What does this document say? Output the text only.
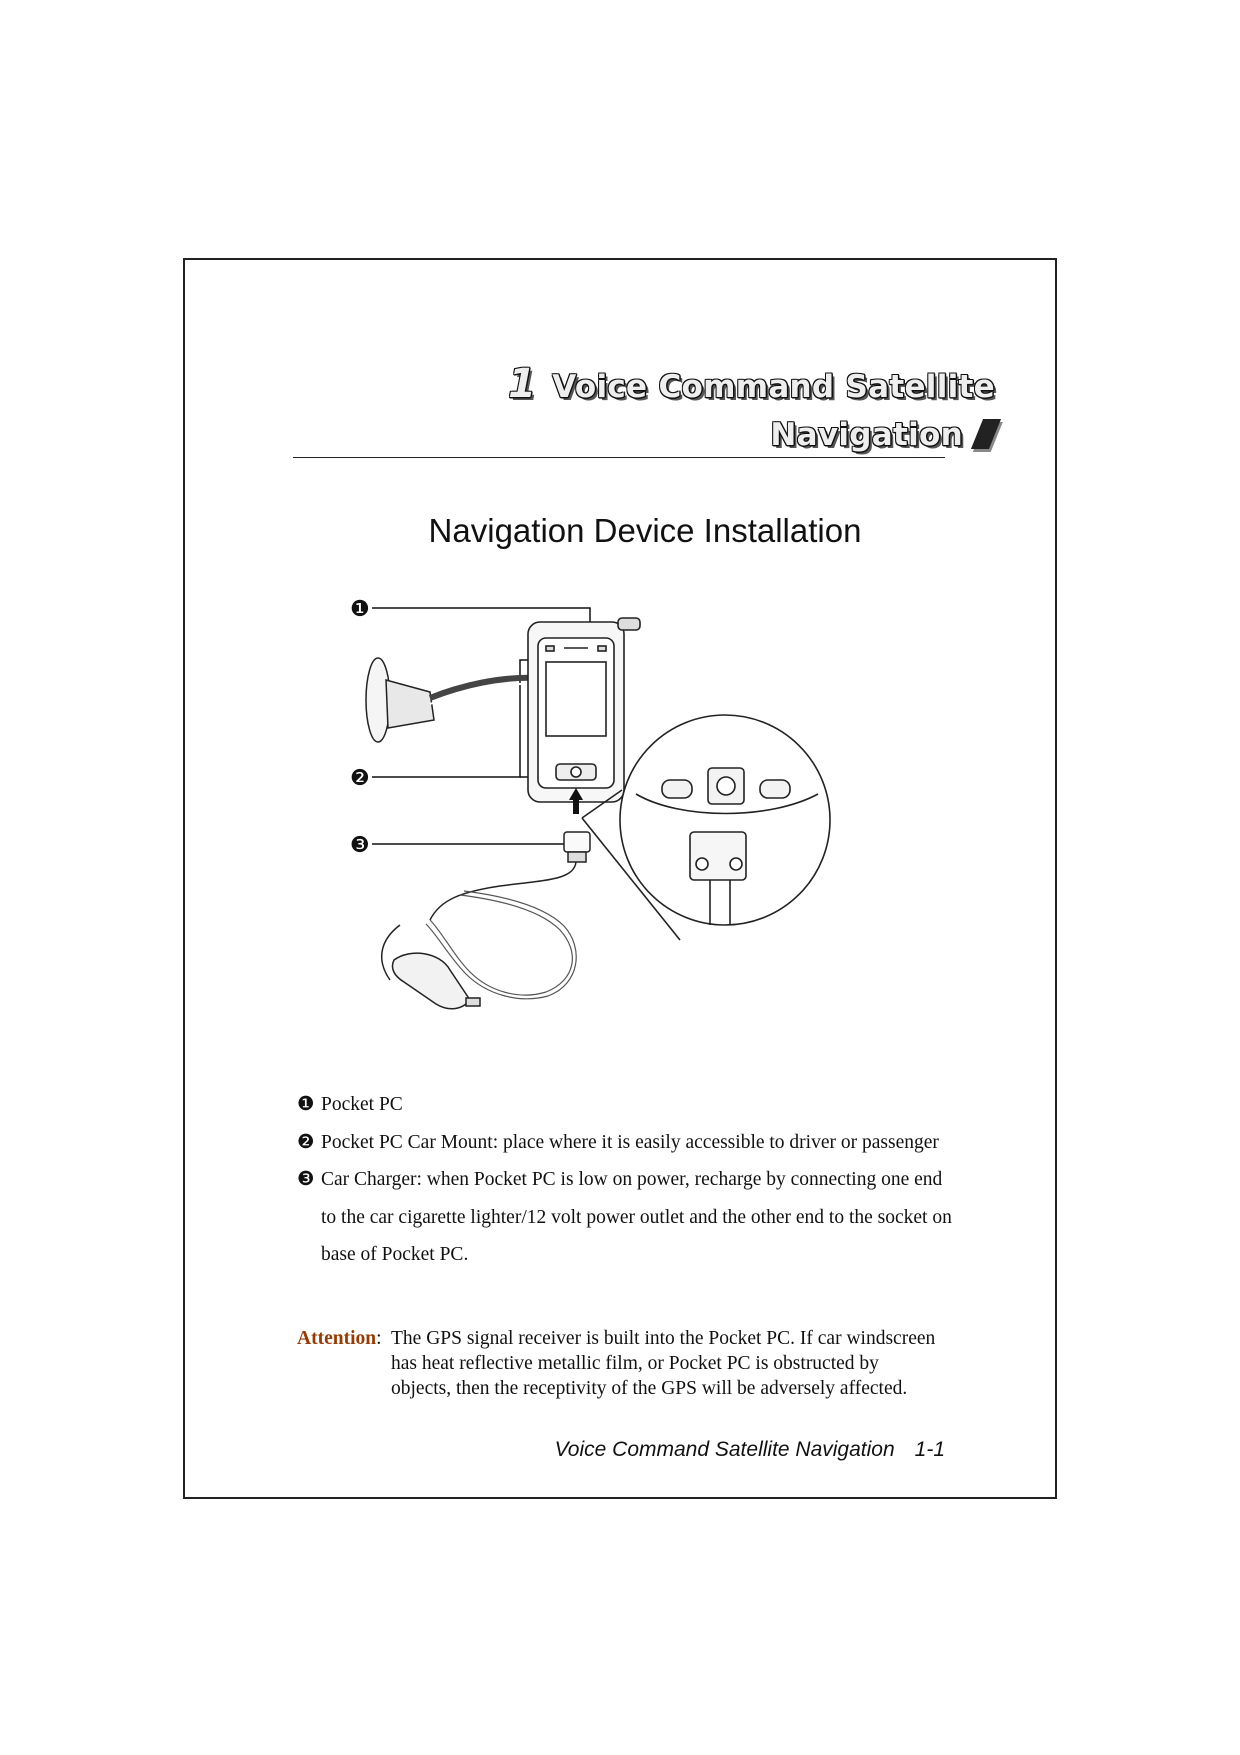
1 Voice Command Satellite
Navigation
Navigation Device Installation
❶
❷
❸
❶ Pocket PC
❷ Pocket PC Car Mount: place where it is easily accessible to driver or passenger
❸ Car Charger: when Pocket PC is low on power, recharge by connecting one end to the car cigarette lighter/12 volt power outlet and the other end to the socket on base of Pocket PC.
Attention: The GPS signal receiver is built into the Pocket PC. If car windscreen has heat reflective metallic film, or Pocket PC is obstructed by objects, then the receptivity of the GPS will be adversely affected.
Voice Command Satellite Navigation 1-1
